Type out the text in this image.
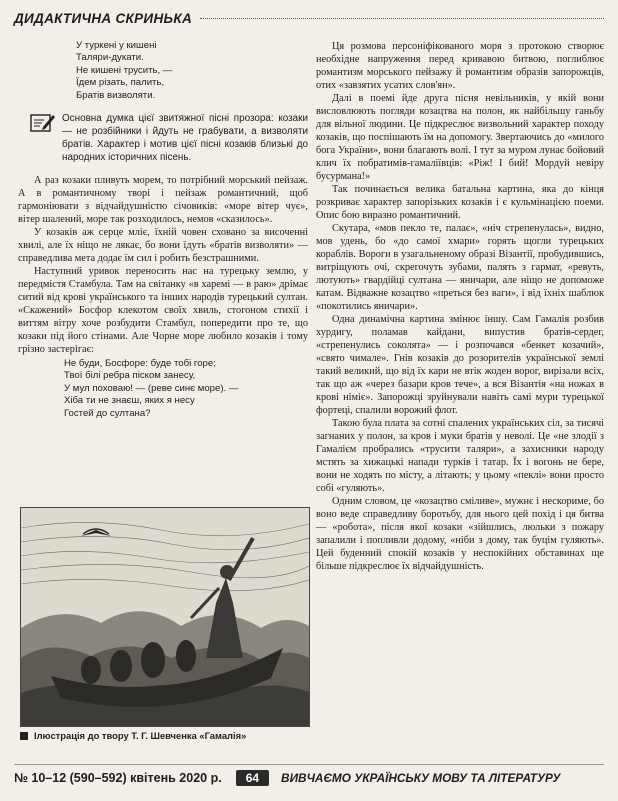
ДИДАКТИЧНА СКРИНЬКА
У туркені у кишені
Таляри-дукати.
Не кишені трусить, —
Їдем різать, палить,
Братів визволяти.

Основна думка цієї звитяжної пісні прозора: козаки — не розбійники і йдуть не грабувати, а визволяти братів. Характер і мотив цієї пісні козаків близькі до народних історичних пісень.

А раз козаки пливуть морем, то потрібний морський пейзаж. А в романтичному творі і пейзаж романтичний, щоб гармоніювати з відчайдушністю січовиків: «море вітер чує», вітер шалений, море так розходилось, немов «сказилось».

У козаків аж серце мліє, їхній човен сховано за височенні хвилі, але їх ніщо не лякає, бо вони їдуть «братів визволяти» — справедлива мета додає їм сил і робить безстрашними.

Наступний уривок переносить нас на турецьку землю, у передмістя Стамбула. Там на світанку «в харемі — в раю» дрімає ситий від крові українського та інших народів турецький султан. «Скажений» Босфор клекотом своїх хвиль, стогоном стихії і виттям вітру хоче розбудити Стамбул, попередити про те, що козаки під його стінами. Але Чорне море любило козаків і тому грізно застерігає:

Не буди, Босфоре: буде тобі горе;
Твої білі ребра піском занесу,
У мул поховаю! — (реве синє море). —
Хіба ти не знаєш, яких я несу
Гостей до султана?
Ілюстрація до твору Т. Г. Шевченка «Гамалія»

Ця розмова персоніфікованого моря з протокою створює необхідне напруження перед кривавою битвою, поглиблює романтизм морського пейзажу й романтизм образів запорожців, отих «завзятих усатих слов'ян».

Далі в поемі йде друга пісня невільників, у якій вони висловлюють погляди козацтва на полон, як найбільшу ганьбу для вільної людини. Це підкреслює визвольний характер походу козаків, що поспішають їм на допомогу. Звертаючись до «милого бога України», вони благають волі. І тут за муром лунає бойовий клич їх побратимів-гамаліївців: «Ріж! І бий! Мордуй невіру бусурмана!»

Так починається велика батальна картина, яка до кінця розкриває характер запорізьких козаків і є кульмінацією поеми. Опис бою виразно романтичний.

Скутара, «мов пекло те, палає», «ніч стрепенулась», видно, мов удень, бо «до самої хмари» горять щогли турецьких кораблів. Вороги в узагальненому образі Візантії, пробудившись, витріщують очі, скрегочуть зубами, палять з гармат, «ревуть, лютують» гвардійці султана — яничари, але ніщо не допоможе катам. Відважне козацтво «преться без ваги», і від їхніх шаблюк «покотились яничари».

Одна динамічна картина змінює іншу. Сам Гамалія розбив хурдигу, поламав кайдани, випустив братів-сердег, «стрепенулись соколята» — і розпочався «бенкет козачий», «свято чимале». Гнів козаків до розорителів української землі такий великий, що від їх кари не втік жоден ворог, вирізали всіх, так що аж «через базари кров тече», а вся Візантія «на ножах в крові німіє». Запорожці зруйнували навіть самі мури турецької фортеці, спалили ворожий флот.

Такою була плата за сотні спалених українських сіл, за тисячі загнаних у полон, за кров і муки братів у неволі. Це «не злодії з Гамалієм пробрались «трусити таляри», а захисники народу мстять за хижацькі напади турків і татар. Їх і вогонь не бере, вони не ходять по місту, а літають; у цьому «пеклі» вони просто собі «гуляють».

Одним словом, це «козацтво сміливе», мужнє і нескориме, бо воно веде справедливу боротьбу, для нього цей похід і ця битва — «робота», після якої козаки «зійшлись, люльки з пожару запалили і попливли додому, «ніби з дому, так буцім гуляють». Цей буденний спокій козаків у неспокійних обставинах ще більше підкреслює їх відчайдушність.

№ 10–12 (590–592) квітень 2020 р.	64	ВИВЧАЄМО УКРАЇНСЬКУ МОВУ ТА ЛІТЕРАТУРУ
